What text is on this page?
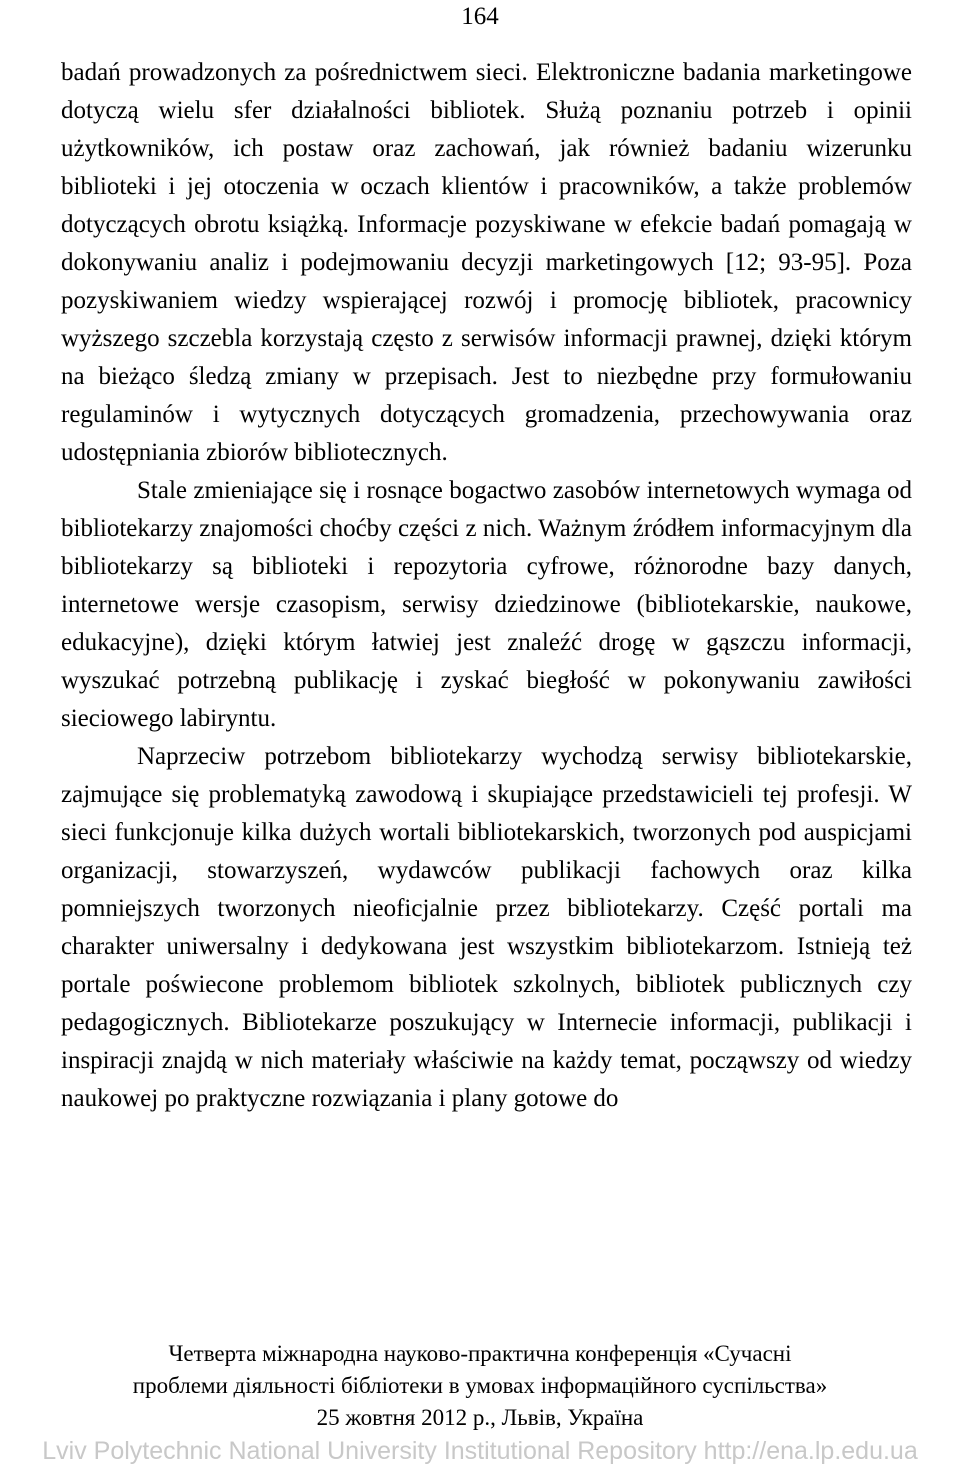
164

badań prowadzonych za pośrednictwem sieci. Elektroniczne badania marketingowe dotyczą wielu sfer działalności bibliotek. Służą poznaniu potrzeb i opinii użytkowników, ich postaw oraz zachowań, jak również badaniu wizerunku biblioteki i jej otoczenia w oczach klientów i pracowników, a także problemów dotyczących obrotu książką. Informacje pozyskiwane w efekcie badań pomagają w dokonywaniu analiz i podejmowaniu decyzji marketingowych [12; 93-95]. Poza pozyskiwaniem wiedzy wspierającej rozwój i promocję bibliotek, pracownicy wyższego szczebla korzystają często z serwisów informacji prawnej, dzięki którym na bieżąco śledzą zmiany w przepisach. Jest to niezbędne przy formułowaniu regulaminów i wytycznych dotyczących gromadzenia, przechowywania oraz udostępniania zbiorów bibliotecznych.

Stale zmieniające się i rosnące bogactwo zasobów internetowych wymaga od bibliotekarzy znajomości choćby części z nich. Ważnym źródłem informacyjnym dla bibliotekarzy są biblioteki i repozytoria cyfrowe, różnorodne bazy danych, internetowe wersje czasopism, serwisy dziedzinowe (bibliotekarskie, naukowe, edukacyjne), dzięki którym łatwiej jest znaleźć drogę w gąszczu informacji, wyszukać potrzebną publikację i zyskać biegłość w pokonywaniu zawiłości sieciowego labiryntu.

Naprzeciw potrzebom bibliotekarzy wychodzą serwisy bibliotekarskie, zajmujące się problematyką zawodową i skupiające przedstawicieli tej profesji. W sieci funkcjonuje kilka dużych wortali bibliotekarskich, tworzonych pod auspicjami organizacji, stowarzyszeń, wydawców publikacji fachowych oraz kilka pomniejszych tworzonych nieoficjalnie przez bibliotekarzy. Część portali ma charakter uniwersalny i dedykowana jest wszystkim bibliotekarzom. Istnieją też portale poświecone problemom bibliotek szkolnych, bibliotek publicznych czy pedagogicznych. Bibliotekarze poszukujący w Internecie informacji, publikacji i inspiracji znajdą w nich materiały właściwie na każdy temat, począwszy od wiedzy naukowej po praktyczne rozwiązania i plany gotowe do

Четверта міжнародна науково-практична конференція «Сучасні
проблеми діяльності бібліотеки в умовах інформаційного суспільства»
25 жовтня 2012 р., Львів, Україна
Lviv Polytechnic National University Institutional Repository http://ena.lp.edu.ua
